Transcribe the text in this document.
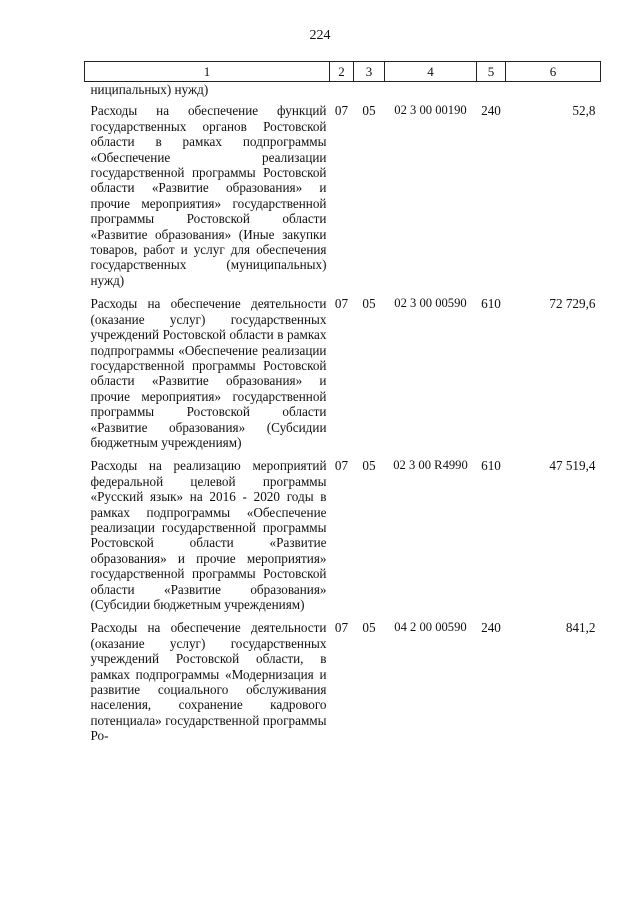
224
1	2	3	4	5	6
ниципальных) нужд)					
Расходы на обеспечение функций государственных органов Ростовской области в рамках подпрограммы «Обеспечение реализации государственной программы Ростовской области «Развитие образования» и прочие мероприятия» государственной программы Ростовской области «Развитие образования» (Иные закупки товаров, работ и услуг для обеспечения государственных (муниципальных) нужд)	07	05	02 3 00 00190	240	52,8
Расходы на обеспечение деятельности (оказание услуг) государственных учреждений Ростовской области в рамках подпрограммы «Обеспечение реализации государственной программы Ростовской области «Развитие образования» и прочие мероприятия» государственной программы Ростовской области «Развитие образования» (Субсидии бюджетным учреждениям)	07	05	02 3 00 00590	610	72 729,6
Расходы на реализацию мероприятий федеральной целевой программы «Русский язык» на 2016 - 2020 годы в рамках подпрограммы «Обеспечение реализации государственной программы Ростовской области «Развитие образования» и прочие мероприятия» государственной программы Ростовской области «Развитие образования» (Субсидии бюджетным учреждениям)	07	05	02 3 00 R4990	610	47 519,4
Расходы на обеспечение деятельности (оказание услуг) государственных учреждений Ростовской области, в рамках подпрограммы «Модернизация и развитие социального обслуживания населения, сохранение кадрового потенциала» государственной программы Ро-	07	05	04 2 00 00590	240	841,2
